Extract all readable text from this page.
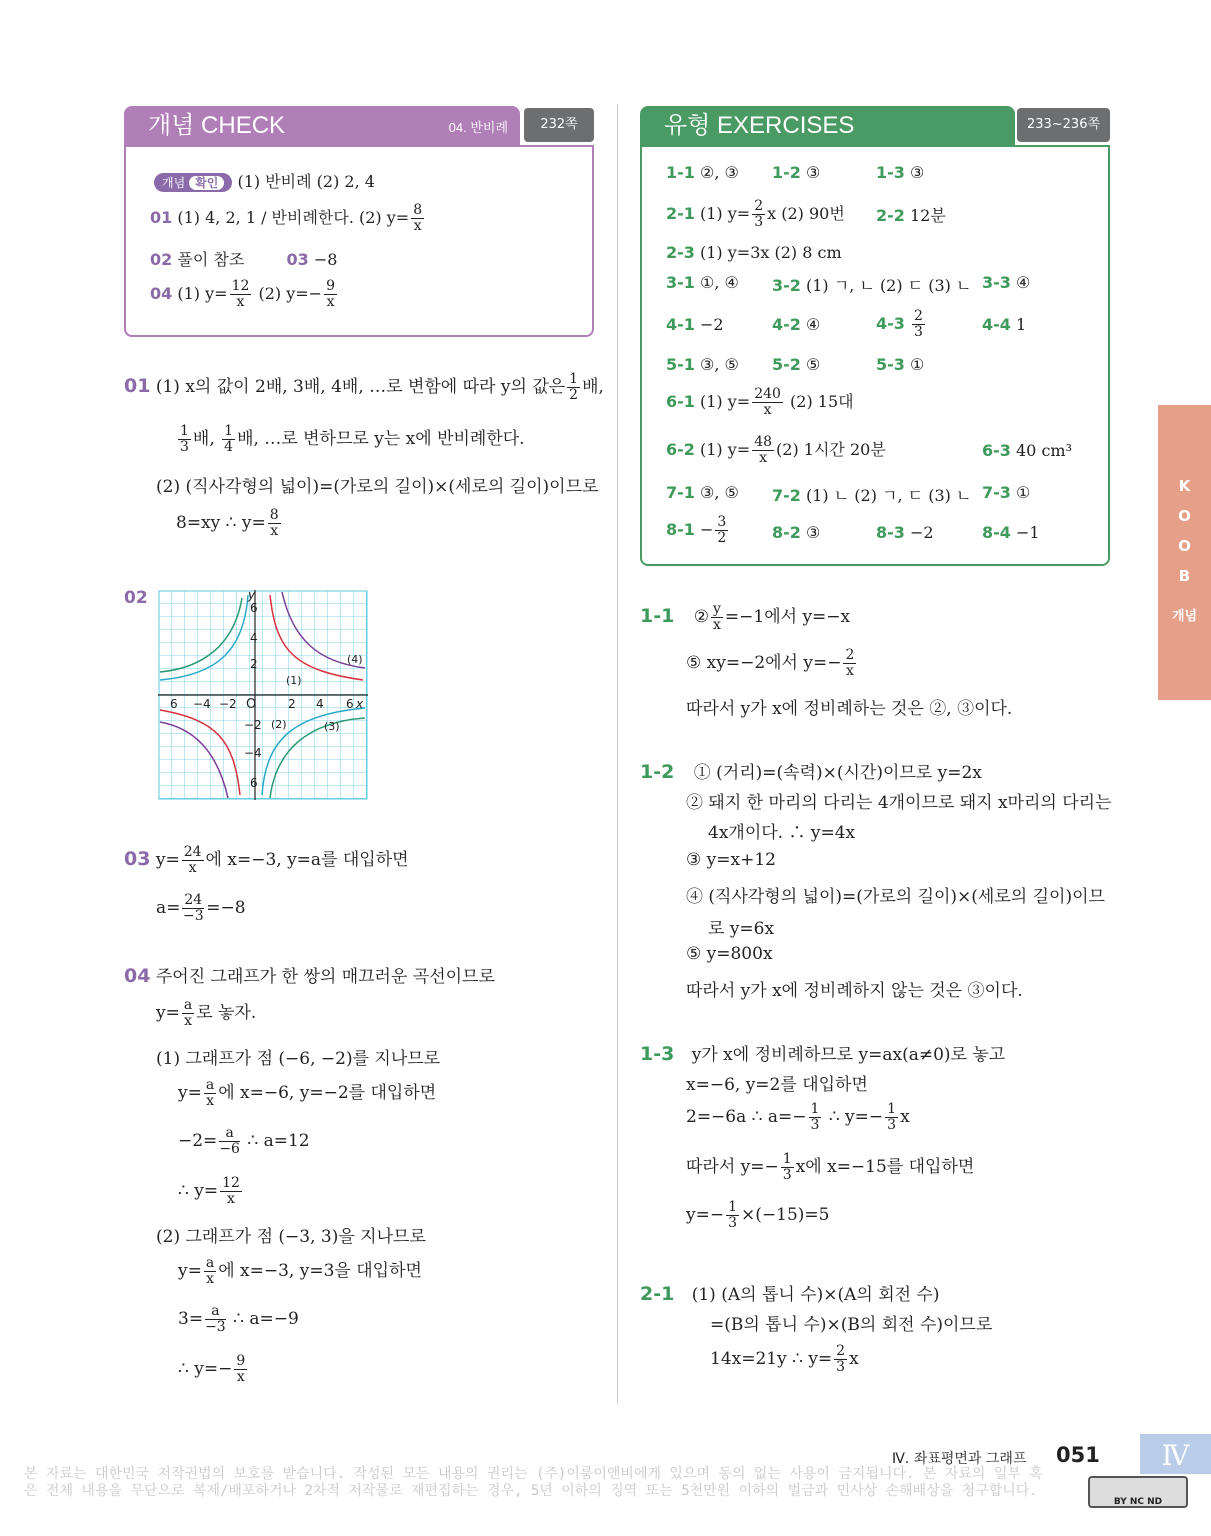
개념 CHECK	04. 반비례	232쪽
개념 확인 (1) 반비례 (2) 2, 4
01 (1) 4, 2, 1 / 반비례한다. (2) $y= \frac{8}{x}$
02 풀이 참조	03 −8
04 (1) $y= \frac{12}{x} (2)$ $y=- \frac{9}{x}$
01 (1) x의 값이 2배, 3배, 4배, …로 변함에 따라 y의 값은 $\frac{1}{2}$ 배,
$\frac{1}{3}$ 배, $\frac{1}{4}$ 배, …로 변하므로 y는 x에 반비례한다.
(2) (직사각형의 넓이)=(가로의 길이)×(세로의 길이)이므로
8=xy ∴ $y= \frac{8}{x}$
02	y
x
O
6 −4 −2	2 4 6
6
4
2
−2
−4
6
(1)
(2)	(3)
(4)
03 $y= \frac{24}{x}$ 에 x=−3, y=a를 대입하면
$a= \frac{24}{-3} =-8$
04 주어진 그래프가 한 쌍의 매끄러운 곡선이므로
$y= \frac{a}{x}$ 로 놓자.
(1) 그래프가 점 (−6, −2)를 지나므로
$y= \frac{a}{x}$ 에 x=−6, y=−2를 대입하면
$-2= \frac{a}{-6}$ ∴ a=12
∴ $y= \frac{12}{x}$
(2) 그래프가 점 (−3, 3)을 지나므로
$y= \frac{a}{x}$ 에 x=−3, y=3을 대입하면
$3= \frac{a}{-3}$ ∴ a=−9
∴ $y=- \frac{9}{x}$
유형 EXERCISES	233~236쪽
1-1 ②, ③ 1-2 ③	1-3 ③
2-1 (1) $y= \frac{2}{3}$ x (2) 90번 2-2 12분
2-3 (1) y=3x (2) 8 cm
3-1 ①, ④ 3-2 (1) ㄱ, ㄴ (2) ㄷ (3) ㄴ 3-3 ④
4-1 −2	4-2 ④	$4-3 \frac{2}{3}$	4-4 1
5-1 ③, ⑤ 5-2 ⑤	5-3 ①
6-1 (1) $y= \frac{240}{x} (2)$ 15대
6-2 (1) $y= \frac{48}{x} (2)$ 1시간 20분	6-3 40 cm³
7-1 ③, ⑤ 7-2 (1) ㄴ (2) ㄱ, ㄷ (3) ㄴ 7-3 ①
$8-1 - \frac{3}{2}$	8-2 ③	8-3 −2	8-4 −1
1-1 ② $\frac{y}{x} =-1$에서 y=−x
⑤ xy=−2에서 $y=- \frac{2}{x}$
따라서 y가 x에 정비례하는 것은 ②, ③이다.
1-2 ① (거리)=(속력)×(시간)이므로 y=2x
② 돼지 한 마리의 다리는 4개이므로 돼지 x마리의 다리는
4x개이다. ∴ y=4x
③ y=x+12
④ (직사각형의 넓이)=(가로의 길이)×(세로의 길이)이므
로 y=6x
⑤ y=800x
따라서 y가 x에 정비례하지 않는 것은 ③이다.
1-3 y가 x에 정비례하므로 y=ax(a≠0)로 놓고
x=−6, y=2를 대입하면
2=−6a ∴ $a=- \frac{1}{3}$ ∴ $y=- \frac{1}{3}$ x
따라서 $y=- \frac{1}{3}$ x에 x=−15를 대입하면
$y=- \frac{1}{3} \times(-15)=5$
2-1 (1) (A의 톱니 수)×(A의 회전 수)
=(B의 톱니 수)×(B의 회전 수)이므로
14x=21y ∴ $y= \frac{2}{3}$ x
K
O
O
B
개념
Ⅳ. 좌표평면과 그래프 051	Ⅳ
본 자료는 대한민국 저작권법의 보호를 받습니다. 작성된 모든 내용의 권리는 (주)이룸이앤비에게 있으며 동의 없는 사용이 금지됩니다. 본 자료의 일부 혹은 전체 내용을 무단으로 복제/배포하거나 2차적 저작물로 재편집하는 경우, 5년 이하의 징역 또는 5천만원 이하의 벌금과 민사상 손해배상을 청구합니다.
BY NC ND
